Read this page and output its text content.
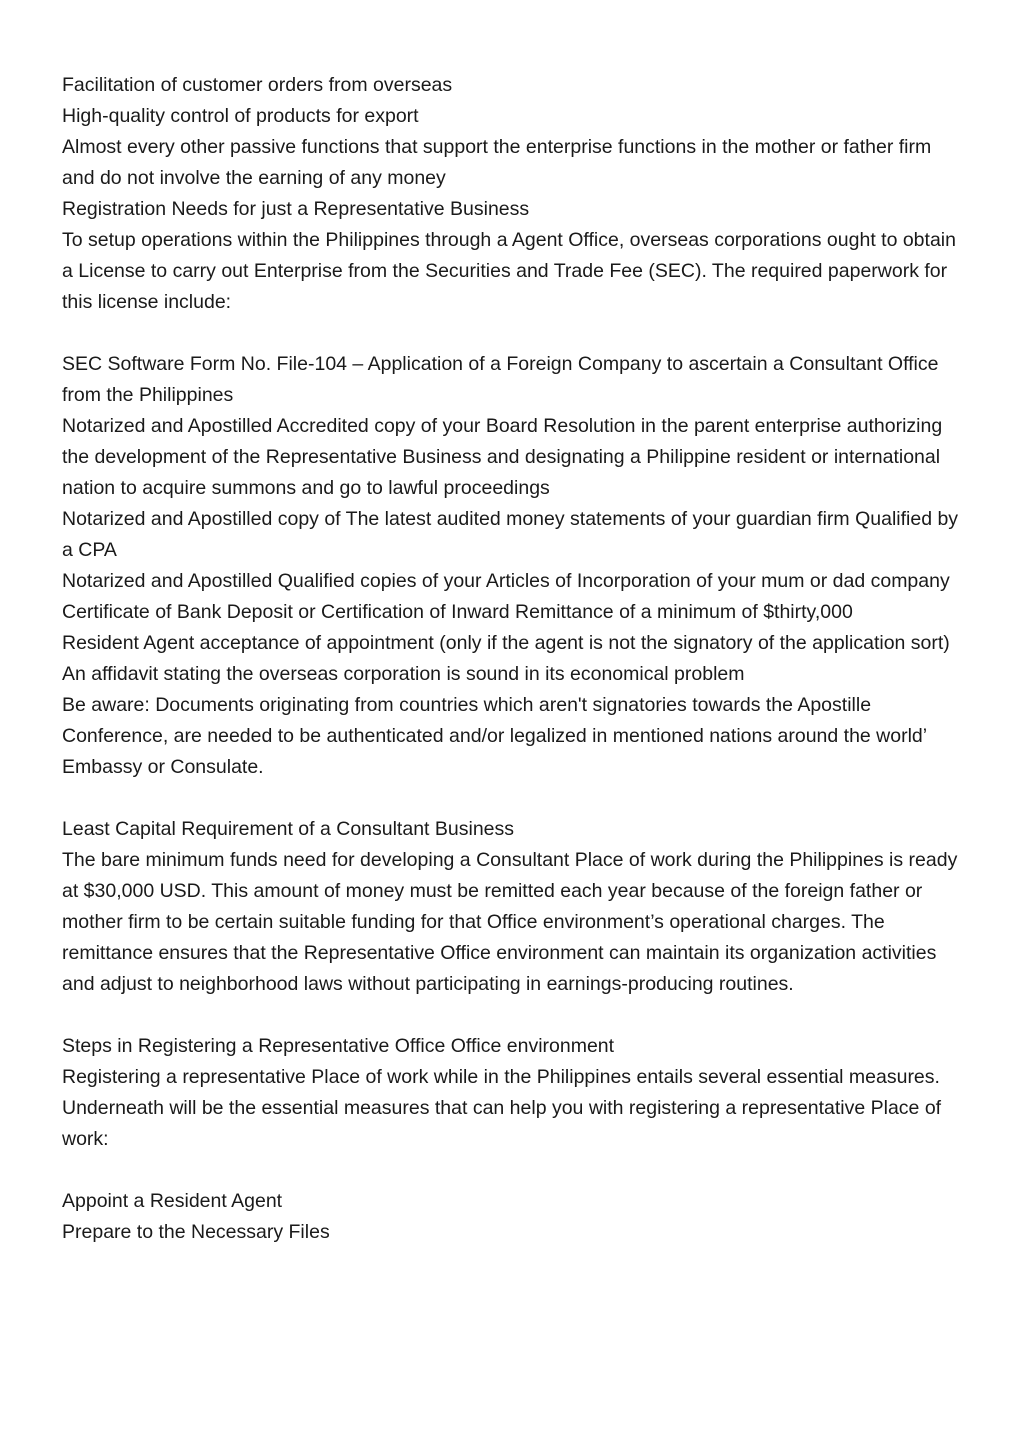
Facilitation of customer orders from overseas

High-quality control of products for export

Almost every other passive functions that support the enterprise functions in the mother or father firm and do not involve the earning of any money

Registration Needs for just a Representative Business

To setup operations within the Philippines through a Agent Office, overseas corporations ought to obtain a License to carry out Enterprise from the Securities and Trade Fee (SEC). The required paperwork for this license include:

SEC Software Form No. File-104 – Application of a Foreign Company to ascertain a Consultant Office from the Philippines

Notarized and Apostilled Accredited copy of your Board Resolution in the parent enterprise authorizing the development of the Representative Business and designating a Philippine resident or international nation to acquire summons and go to lawful proceedings

Notarized and Apostilled copy of The latest audited money statements of your guardian firm Qualified by a CPA

Notarized and Apostilled Qualified copies of your Articles of Incorporation of your mum or dad company

Certificate of Bank Deposit or Certification of Inward Remittance of a minimum of $thirty,000

Resident Agent acceptance of appointment (only if the agent is not the signatory of the application sort)

An affidavit stating the overseas corporation is sound in its economical problem

Be aware: Documents originating from countries which aren't signatories towards the Apostille Conference, are needed to be authenticated and/or legalized in mentioned nations around the world’ Embassy or Consulate.

Least Capital Requirement of a Consultant Business

The bare minimum funds need for developing a Consultant Place of work during the Philippines is ready at $30,000 USD. This amount of money must be remitted each year because of the foreign father or mother firm to be certain suitable funding for that Office environment’s operational charges. The remittance ensures that the Representative Office environment can maintain its organization activities and adjust to neighborhood laws without participating in earnings-producing routines.

Steps in Registering a Representative Office Office environment

Registering a representative Place of work while in the Philippines entails several essential measures. Underneath will be the essential measures that can help you with registering a representative Place of work:

Appoint a Resident Agent

Prepare to the Necessary Files
